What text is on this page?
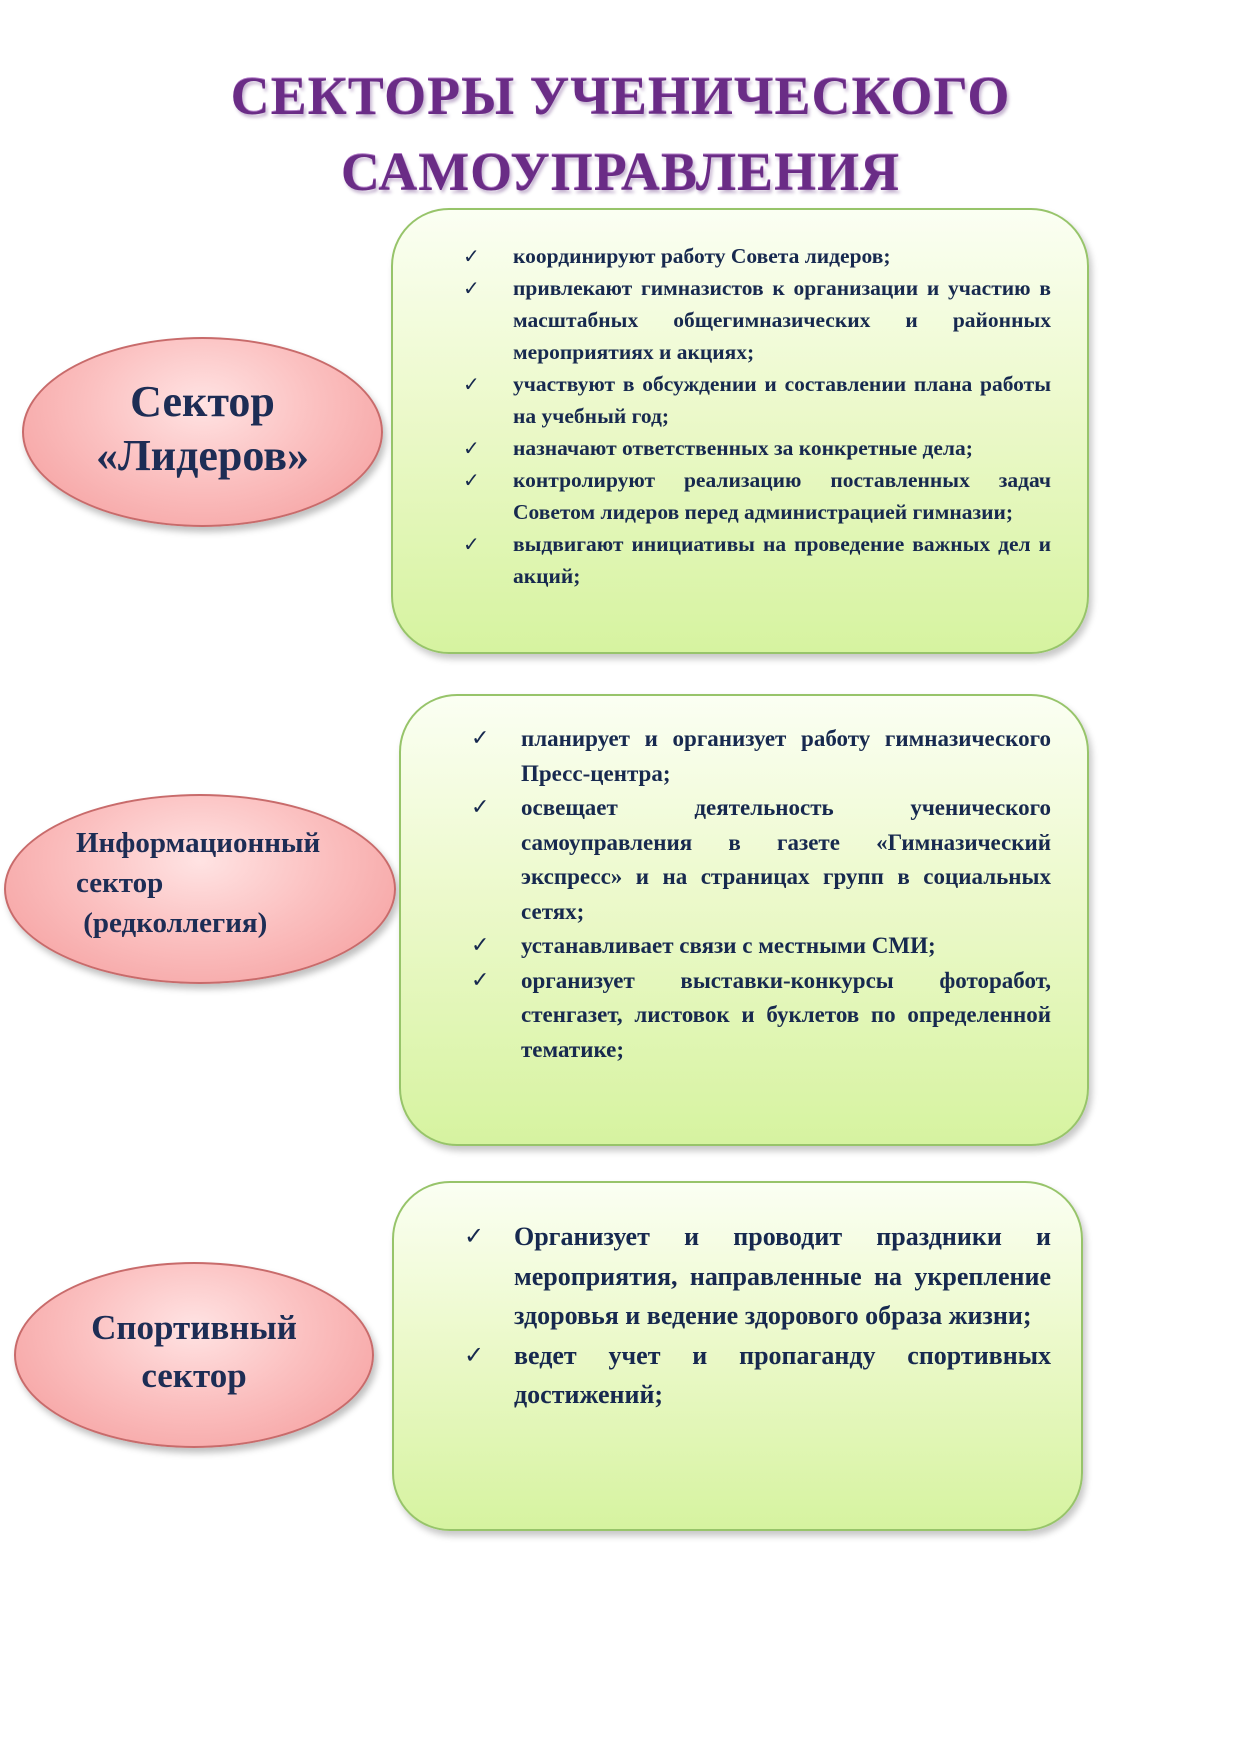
СЕКТОРЫ УЧЕНИЧЕСКОГО
САМОУПРАВЛЕНИЯ
Сектор
«Лидеров»
✓ координируют работу Совета лидеров;
✓ привлекают гимназистов к организации и участию в масштабных общегимназических и районных мероприятиях и акциях;
✓ участвуют в обсуждении и составлении плана работы на учебный год;
✓ назначают ответственных за конкретные дела;
✓ контролируют реализацию поставленных задач Советом лидеров перед администрацией гимназии;
✓ выдвигают инициативы на проведение важных дел и акций;
Информационный
сектор
(редколлегия)
✓ планирует и организует работу гимназического Пресс-центра;
✓ освещает деятельность ученического самоуправления в газете «Гимназический экспресс» и на страницах групп в социальных сетях;
✓ устанавливает связи с местными СМИ;
✓ организует выставки-конкурсы фоторабот, стенгазет, листовок и буклетов по определенной тематике;
Спортивный
сектор
✓ Организует и проводит праздники и мероприятия, направленные на укрепление здоровья и ведение здорового образа жизни;
✓ ведет учет и пропаганду спортивных достижений;
